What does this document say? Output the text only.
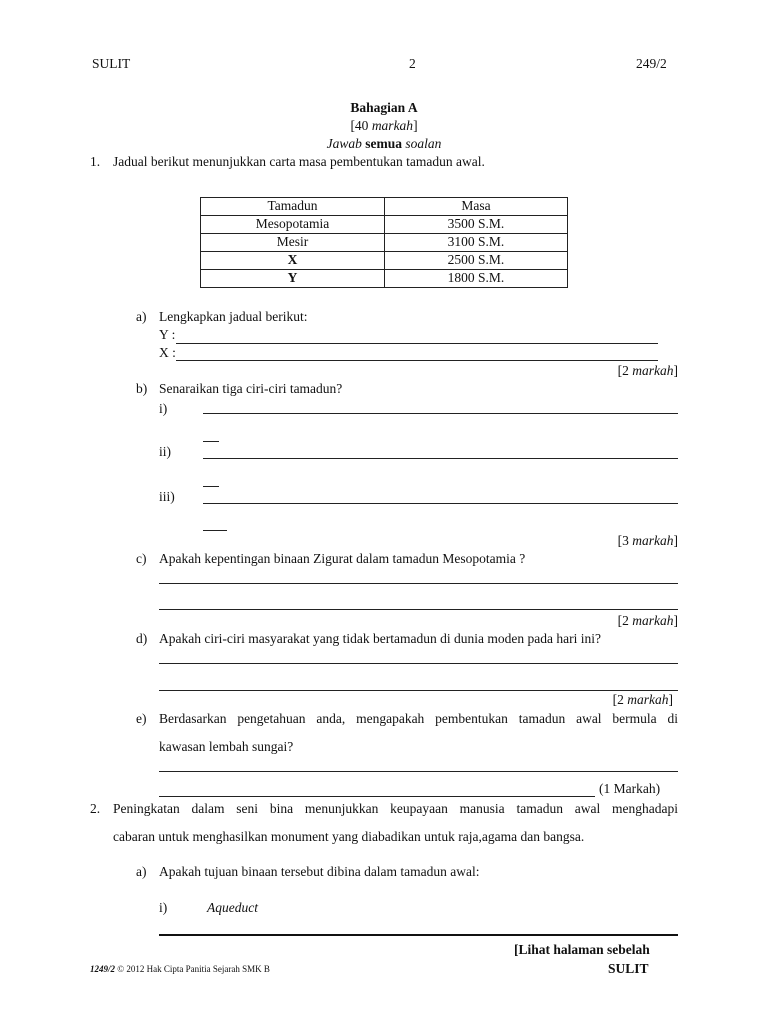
SULIT	2	249/2
Bahagian A
[40 markah]
Jawab semua soalan
1. Jadual berikut menunjukkan carta masa pembentukan tamadun awal.
Tamadun	Masa
Mesopotamia	3500 S.M.
Mesir	3100 S.M.
X	2500 S.M.
Y	1800 S.M.
a) Lengkapkan jadual berikut:
Y :
X :
[2 markah]
b) Senaraikan tiga ciri-ciri tamadun?
i)
ii)
iii)
[3 markah]
c) Apakah kepentingan binaan Zigurat dalam tamadun Mesopotamia ?
[2 markah]
d) Apakah ciri-ciri masyarakat yang tidak bertamadun di dunia moden pada hari ini?
[2 markah]
e) Berdasarkan pengetahuan anda, mengapakah pembentukan tamadun awal bermula di
kawasan lembah sungai?
(1 Markah)
2. Peningkatan dalam seni bina menunjukkan keupayaan manusia tamadun awal menghadapi
cabaran untuk menghasilkan monument yang diabadikan untuk raja,agama dan bangsa.
a) Apakah tujuan binaan tersebut dibina dalam tamadun awal:
i)	Aqueduct
[Lihat halaman sebelah
1249/2 © 2012 Hak Cipta Panitia Sejarah SMK B	SULIT
